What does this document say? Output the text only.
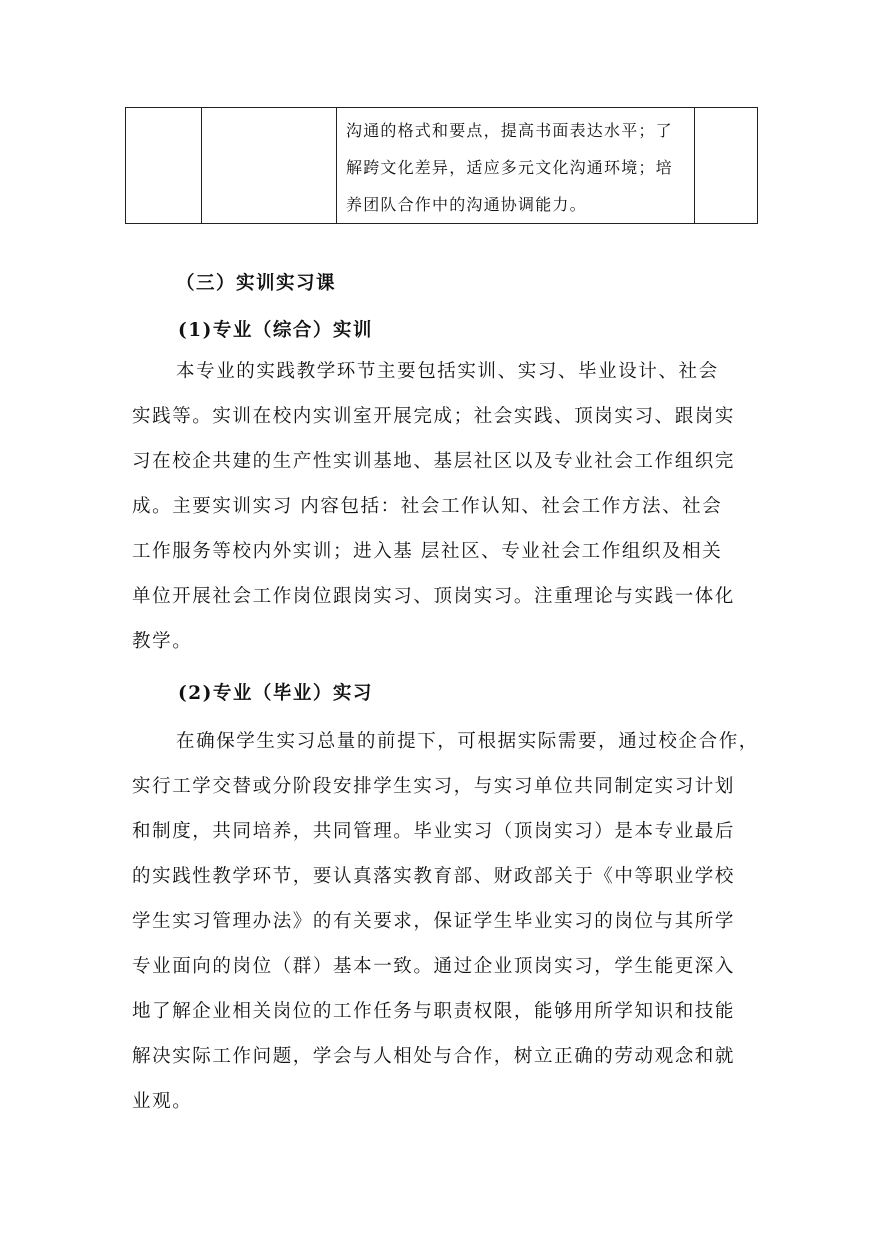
沟通的格式和要点，提高书面表达水平；了
解跨文化差异，适应多元文化沟通环境；培
养团队合作中的沟通协调能力。

（三）实训实习课
(1)专业（综合）实训

本专业的实践教学环节主要包括实训、实习、毕业设计、社会
实践等。实训在校内实训室开展完成；社会实践、顶岗实习、跟岗实
习在校企共建的生产性实训基地、基层社区以及专业社会工作组织完
成。主要实训实习 内容包括：社会工作认知、社会工作方法、社会
工作服务等校内外实训；进入基 层社区、专业社会工作组织及相关
单位开展社会工作岗位跟岗实习、顶岗实习。注重理论与实践一体化
教学。

(2)专业（毕业）实习

在确保学生实习总量的前提下，可根据实际需要，通过校企合作，
实行工学交替或分阶段安排学生实习，与实习单位共同制定实习计划
和制度，共同培养，共同管理。毕业实习（顶岗实习）是本专业最后
的实践性教学环节，要认真落实教育部、财政部关于《中等职业学校
学生实习管理办法》的有关要求，保证学生毕业实习的岗位与其所学
专业面向的岗位（群）基本一致。通过企业顶岗实习，学生能更深入
地了解企业相关岗位的工作任务与职责权限，能够用所学知识和技能
解决实际工作问题，学会与人相处与合作，树立正确的劳动观念和就
业观。
